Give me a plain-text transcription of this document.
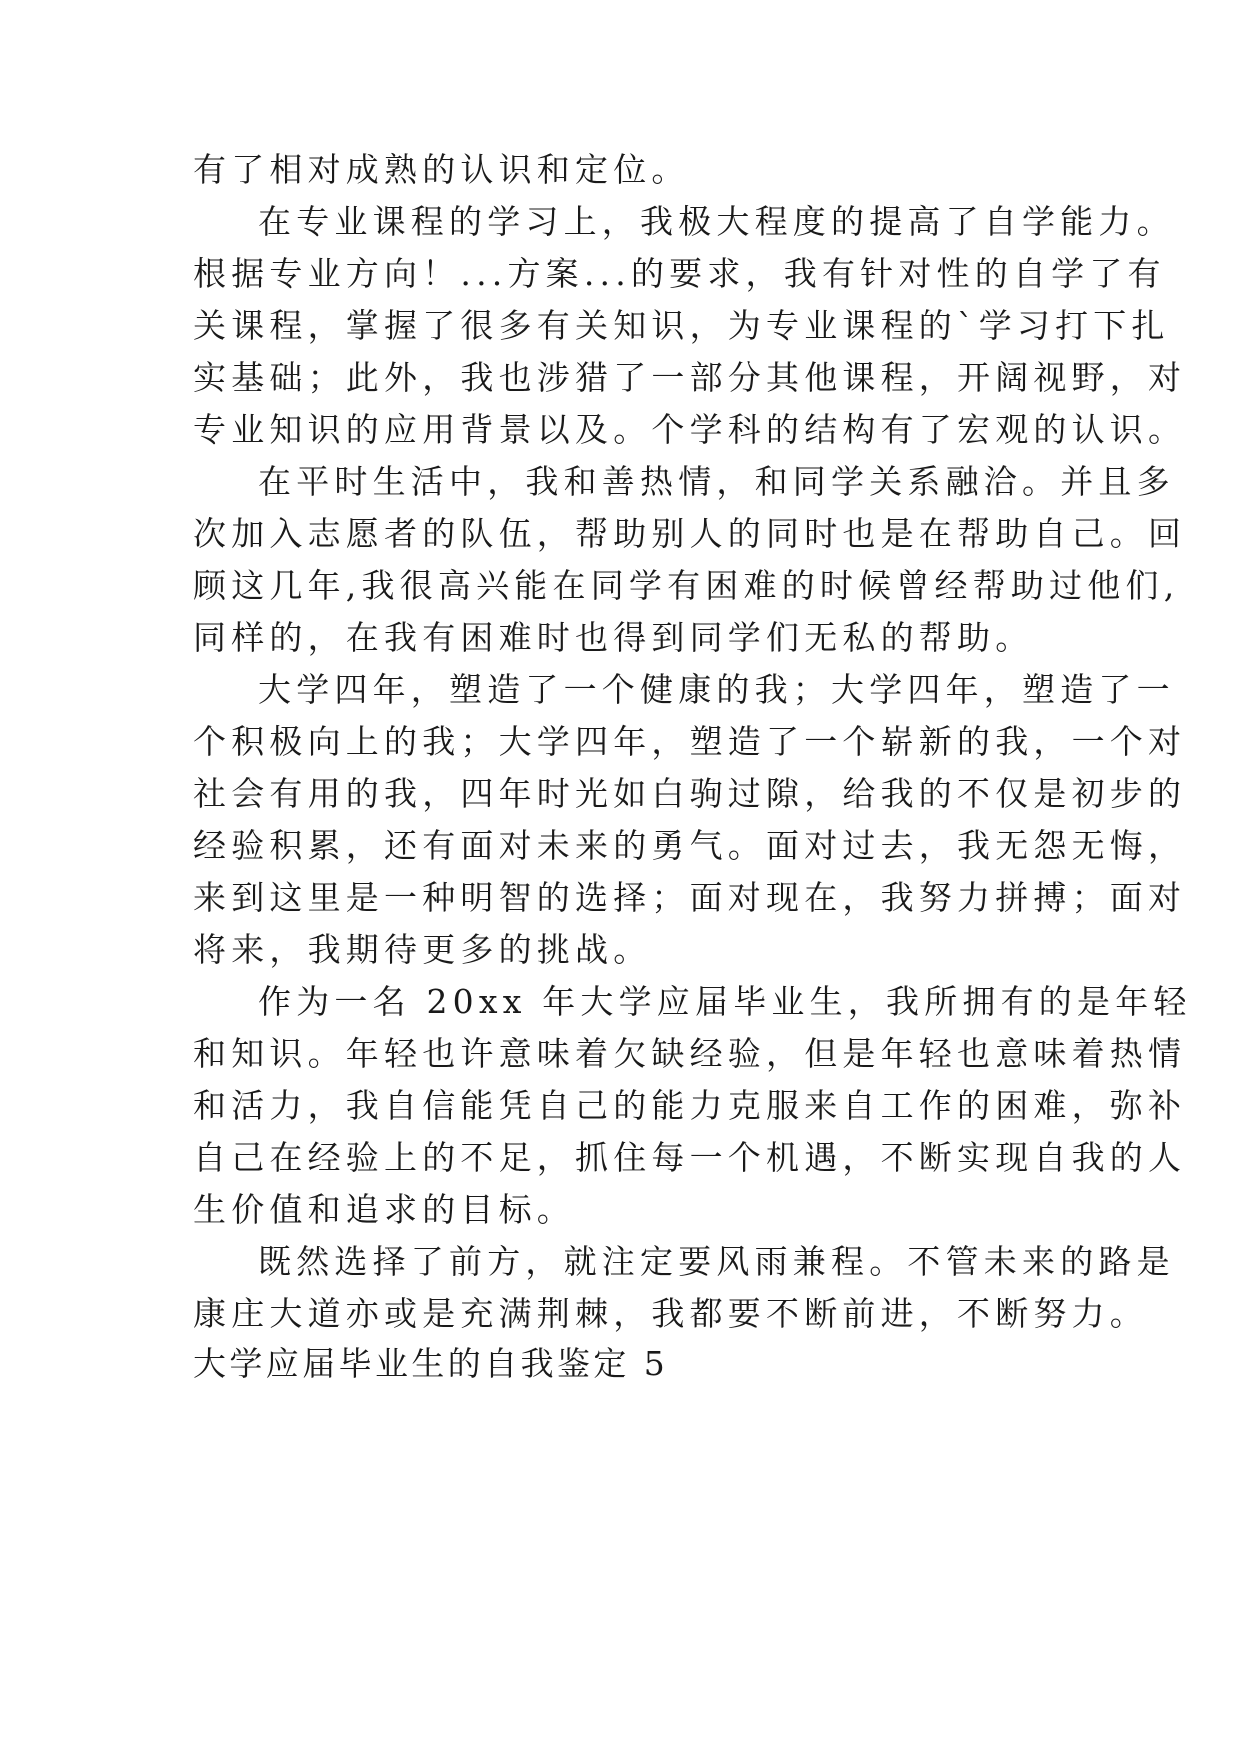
有了相对成熟的认识和定位。
在专业课程的学习上，我极大程度的提高了自学能力。
根据专业方向！...方案...的要求，我有针对性的自学了有
关课程，掌握了很多有关知识，为专业课程的`学习打下扎
实基础；此外，我也涉猎了一部分其他课程，开阔视野，对
专业知识的应用背景以及。个学科的结构有了宏观的认识。
在平时生活中，我和善热情，和同学关系融洽。并且多
次加入志愿者的队伍，帮助别人的同时也是在帮助自己。回
顾这几年,我很高兴能在同学有困难的时候曾经帮助过他们,
同样的，在我有困难时也得到同学们无私的帮助。
大学四年，塑造了一个健康的我；大学四年，塑造了一
个积极向上的我；大学四年，塑造了一个崭新的我，一个对
社会有用的我，四年时光如白驹过隙，给我的不仅是初步的
经验积累，还有面对未来的勇气。面对过去，我无怨无悔，
来到这里是一种明智的选择；面对现在，我努力拼搏；面对
将来，我期待更多的挑战。
作为一名 20xx 年大学应届毕业生，我所拥有的是年轻
和知识。年轻也许意味着欠缺经验，但是年轻也意味着热情
和活力，我自信能凭自己的能力克服来自工作的困难，弥补
自己在经验上的不足，抓住每一个机遇，不断实现自我的人
生价值和追求的目标。
既然选择了前方，就注定要风雨兼程。不管未来的路是
康庄大道亦或是充满荆棘，我都要不断前进，不断努力。
大学应届毕业生的自我鉴定 5
